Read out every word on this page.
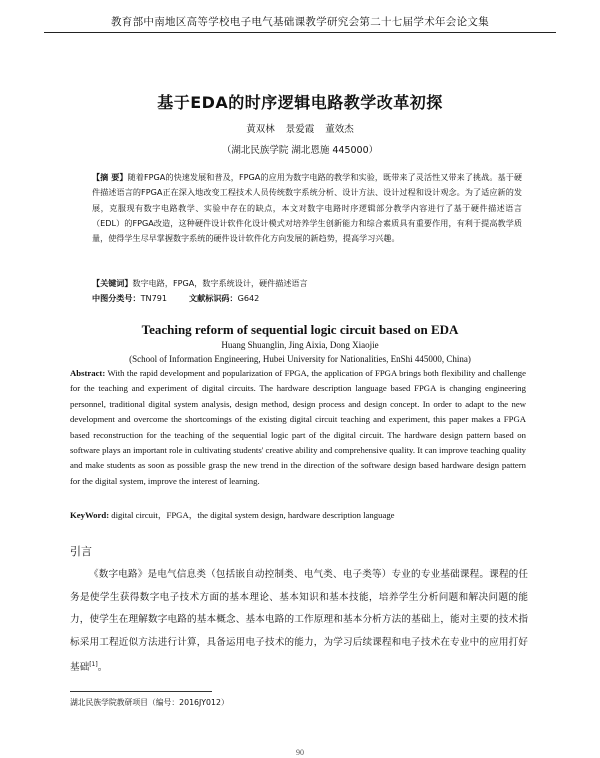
教育部中南地区高等学校电子电气基础课教学研究会第二十七届学术年会论文集
基于EDA的时序逻辑电路教学改革初探
黄双林 景爱霞 董效杰
（湖北民族学院 湖北恩施 445000）
【摘 要】随着FPGA的快速发展和普及，FPGA的应用为数字电路的教学和实验，既带来了灵活性又带来了挑战。基于硬件描述语言的FPGA正在深入地改变工程技术人员传统数字系统分析、设计方法、设计过程和设计观念。为了适应新的发展，克服现有数字电路教学、实验中存在的缺点，本文对数字电路时序逻辑部分教学内容进行了基于硬件描述语言（EDL）的FPGA改造，这种硬件设计软件化设计模式对培养学生创新能力和综合素质具有重要作用，有利于提高教学质量，使得学生尽早掌握数字系统的硬件设计软件化方向发展的新趋势，提高学习兴趣。
【关键词】数字电路，FPGA，数字系统设计，硬件描述语言
中图分类号：TN791	文献标识码：G642
Teaching reform of sequential logic circuit based on EDA
Huang Shuanglin, Jing Aixia, Dong Xiaojie
(School of Information Engineering, Hubei University for Nationalities, EnShi 445000, China)
Abstract: With the rapid development and popularization of FPGA, the application of FPGA brings both flexibility and challenge for the teaching and experiment of digital circuits. The hardware description language based FPGA is changing engineering personnel, traditional digital system analysis, design method, design process and design concept. In order to adapt to the new development and overcome the shortcomings of the existing digital circuit teaching and experiment, this paper makes a FPGA based reconstruction for the teaching of the sequential logic part of the digital circuit. The hardware design pattern based on software plays an important role in cultivating students' creative ability and comprehensive quality. It can improve teaching quality and make students as soon as possible grasp the new trend in the direction of the software design based hardware design pattern for the digital system, improve the interest of learning.
KeyWord: digital circuit，FPGA，the digital system design, hardware description language
引言
《数字电路》是电气信息类（包括嵌自动控制类、电气类、电子类等）专业的专业基础课程。课程的任务是使学生获得数字电子技术方面的基本理论、基本知识和基本技能，培养学生分析问题和解决问题的能力，使学生在理解数字电路的基本概念、基本电路的工作原理和基本分析方法的基础上，能对主要的技术指标采用工程近似方法进行计算，具备运用电子技术的能力，为学习后续课程和电子技术在专业中的应用打好基础[1]。
湖北民族学院教研项目（编号：2016JY012）
90
